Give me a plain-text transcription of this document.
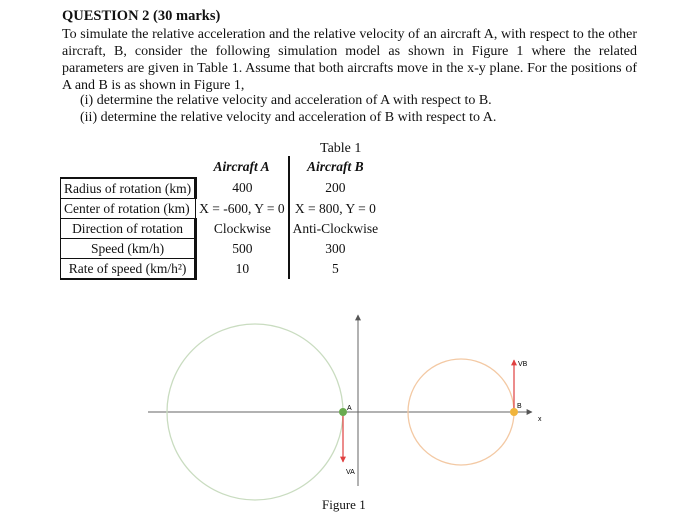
QUESTION 2 (30 marks)
To simulate the relative acceleration and the relative velocity of an aircraft A, with respect to the other aircraft, B, consider the following simulation model as shown in Figure 1 where the related parameters are given in Table 1. Assume that both aircrafts move in the x-y plane. For the positions of A and B is as shown in Figure 1,
(i) determine the relative velocity and acceleration of A with respect to B.
(ii) determine the relative velocity and acceleration of B with respect to A.
Table 1
	Aircraft A	Aircraft B
Radius of rotation (km)	400	200
Center of rotation (km)	X = -600, Y = 0	X = 800, Y = 0
Direction of rotation	Clockwise	Anti-Clockwise
Speed (km/h)	500	300
Rate of speed (km/h²)	10	5
A	B
VA
VB
x
Figure 1
